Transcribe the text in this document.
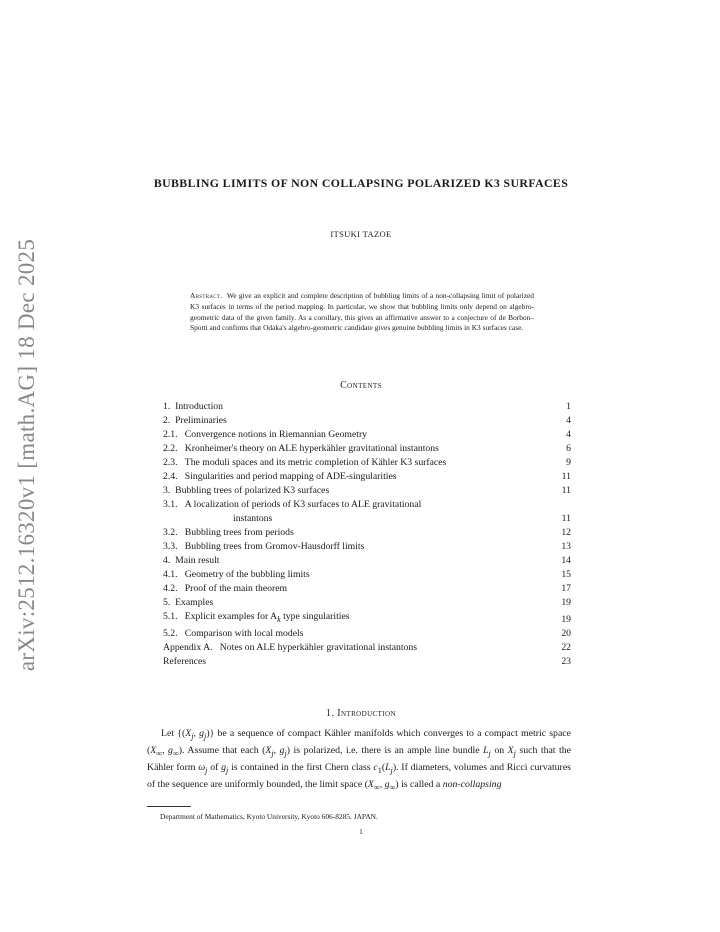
arXiv:2512.16320v1 [math.AG] 18 Dec 2025
BUBBLING LIMITS OF NON COLLAPSING POLARIZED K3 SURFACES
ITSUKI TAZOE
Abstract. We give an explicit and complete description of bubbling limits of a non-collapsing limit of polarized K3 surfaces in terms of the period mapping. In particular, we show that bubbling limits only depend on algebro-geometric data of the given family. As a corollary, this gives an affirmative answer to a conjecture of de Borbon–Spotti and confirms that Odaka's algebro-geometric candidate gives genuine bubbling limits in K3 surfaces case.
Contents
1. Introduction	1
2. Preliminaries	4
2.1. Convergence notions in Riemannian Geometry	4
2.2. Kronheimer's theory on ALE hyperkähler gravitational instantons	6
2.3. The moduli spaces and its metric completion of Kähler K3 surfaces	9
2.4. Singularities and period mapping of ADE-singularities	11
3. Bubbling trees of polarized K3 surfaces	11
3.1. A localization of periods of K3 surfaces to ALE gravitational
instantons	11
3.2. Bubbling trees from periods	12
3.3. Bubbling trees from Gromov-Hausdorff limits	13
4. Main result	14
4.1. Geometry of the bubbling limits	15
4.2. Proof of the main theorem	17
5. Examples	19
5.1. Explicit examples for $A_k$ type singularities	19
5.2. Comparison with local models	20
Appendix A. Notes on ALE hyperkähler gravitational instantons	22
References	23
1. Introduction
Let {($X_j$, $g_j$)} be a sequence of compact Kähler manifolds which converges to a compact metric space ($X_\infty$, $g_\infty$). Assume that each ($X_j$, $g_j$) is polarized, i.e. there is an ample line bundle $L_j$ on $X_j$ such that the Kähler form $\omega_j$ of $g_j$ is contained in the first Chern class $c_1(L_j)$. If diameters, volumes and Ricci curvatures of the sequence are uniformly bounded, the limit space ($X_\infty$, $g_\infty$) is called a non-collapsing
Department of Mathematics, Kyoto University, Kyoto 606-8285. JAPAN.
1
